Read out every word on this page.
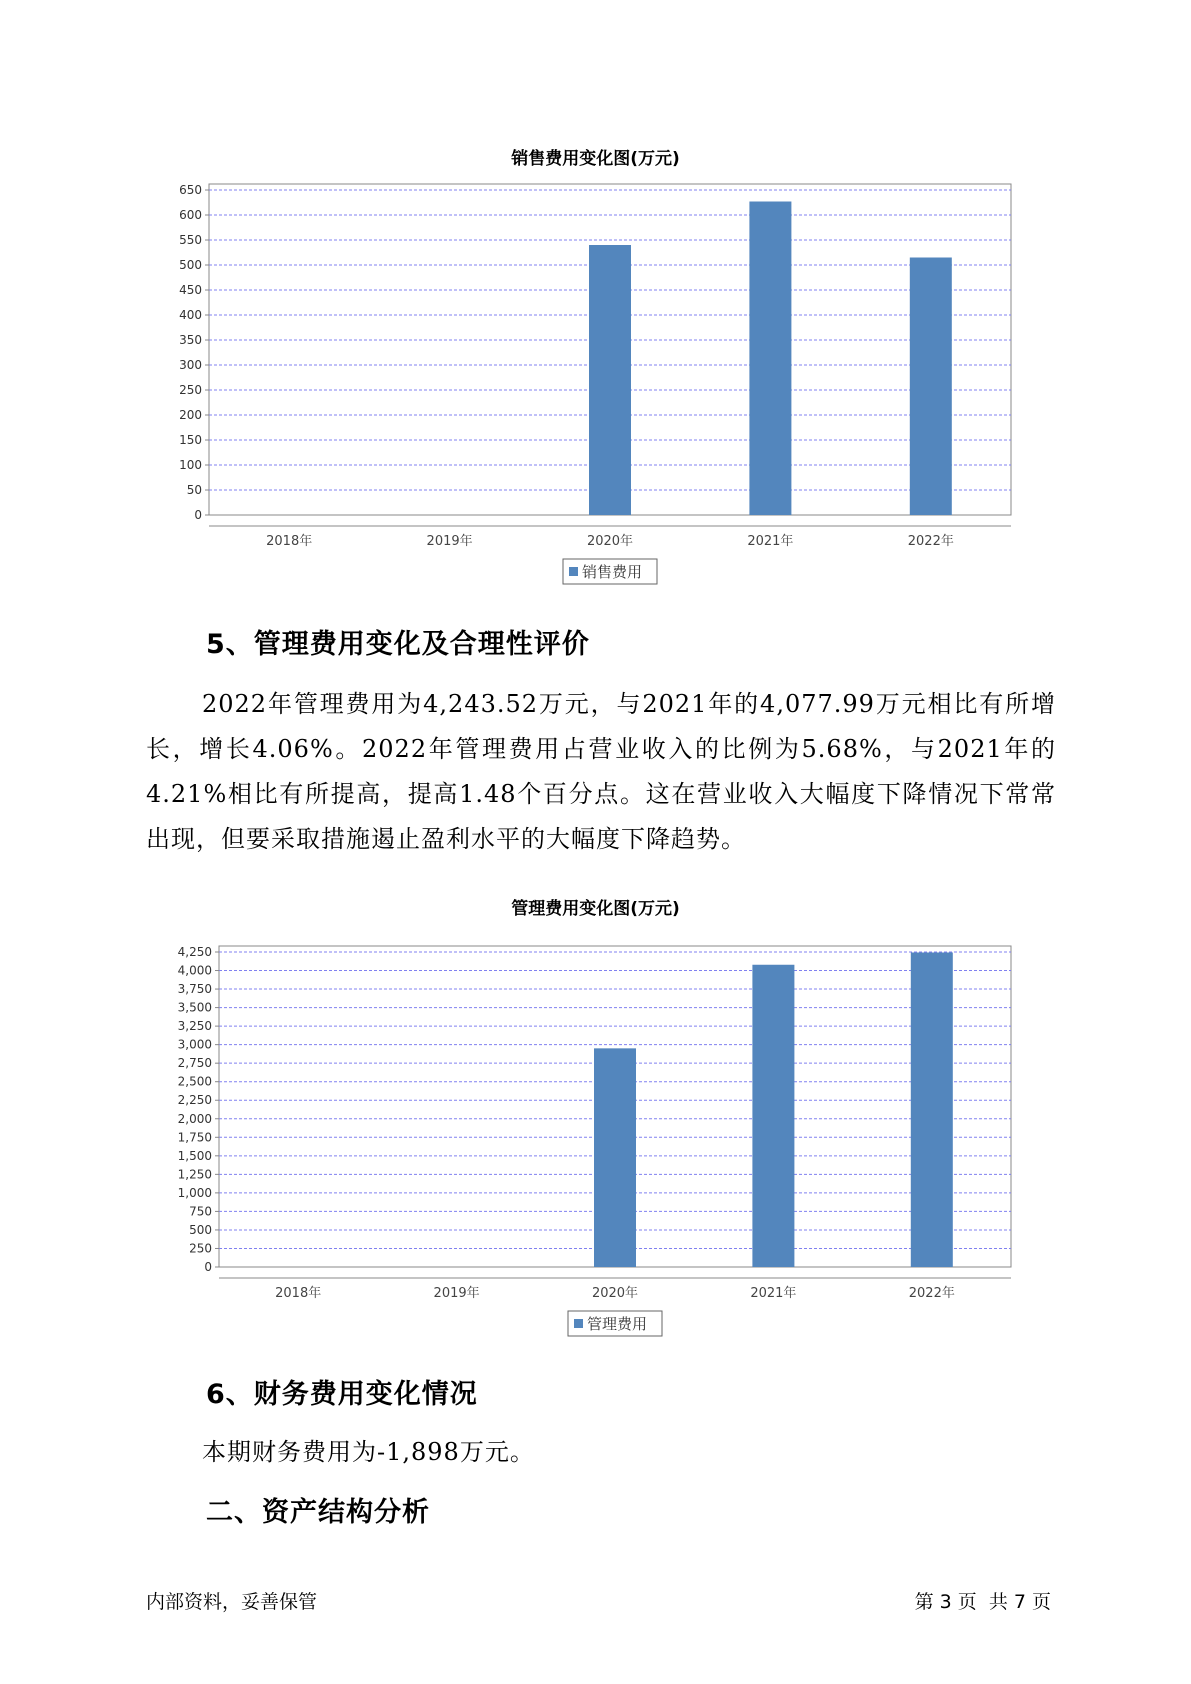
销售费用变化图(万元)
0
50
100
150
200
250
300
350
400
450
500
550
600
650
2018年	2019年	2020年	2021年	2022年
销售费用
5、管理费用变化及合理性评价
2022年管理费用为4,243.52万元，与2021年的4,077.99万元相比有所增长，增长4.06%。2022年管理费用占营业收入的比例为5.68%，与2021年的4.21%相比有所提高，提高1.48个百分点。这在营业收入大幅度下降情况下常常出现，但要采取措施遏止盈利水平的大幅度下降趋势。
管理费用变化图(万元)
0
250
500
750
1,000
1,250
1,500
1,750
2,000
2,250
2,500
2,750
3,000
3,250
3,500
3,750
4,000
4,250
2018年	2019年	2020年	2021年	2022年
管理费用
6、财务费用变化情况
本期财务费用为-1,898万元。
二、资产结构分析
内部资料，妥善保管	第 3 页  共 7 页
